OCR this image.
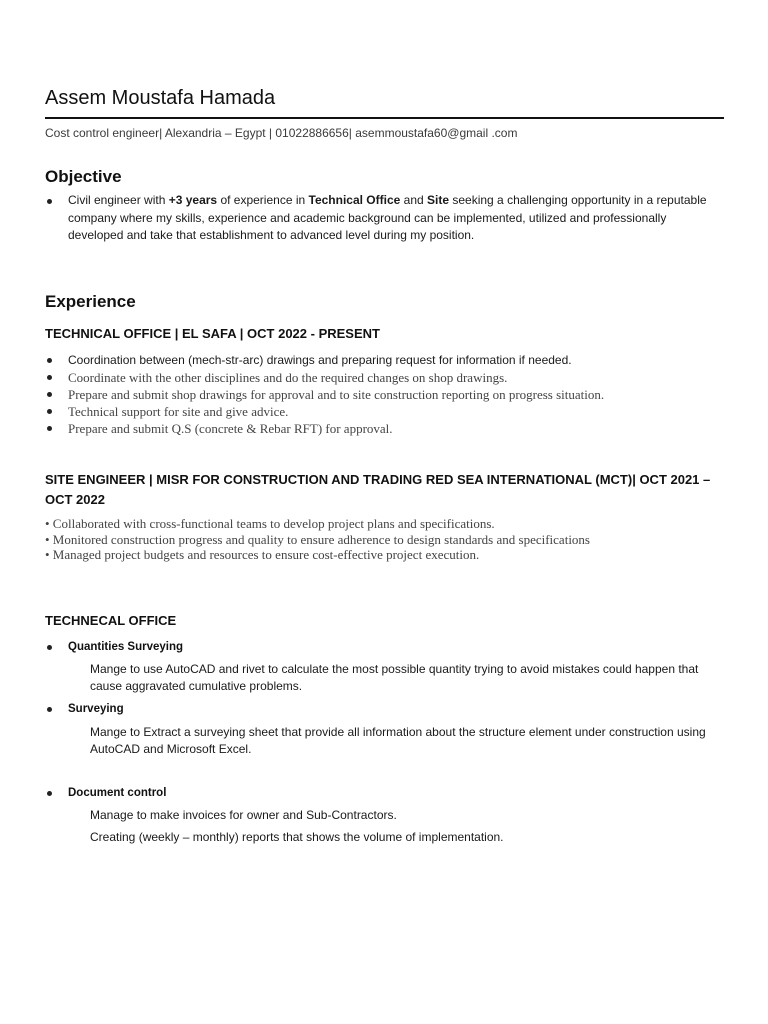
Assem Moustafa Hamada
Cost control engineer| Alexandria – Egypt | 01022886656| asemmoustafa60@gmail .com
Objective

Civil engineer with +3 years of experience in Technical Office and Site seeking a challenging opportunity in a reputable company where my skills, experience and academic background can be implemented, utilized and professionally developed and take that establishment to advanced level during my position.

Experience
TECHNICAL OFFICE | EL SAFA | OCT 2022 - PRESENT
Coordination between (mech-str-arc) drawings and preparing request for information if needed.
Coordinate with the other disciplines and do the required changes on shop drawings.
Prepare and submit shop drawings for approval and to site construction reporting on progress situation.
Technical support for site and give advice.
Prepare and submit Q.S (concrete & Rebar RFT) for approval.
SITE ENGINEER | MISR FOR CONSTRUCTION AND TRADING RED SEA INTERNATIONAL (MCT)| OCT 2021 – OCT 2022
• Collaborated with cross-functional teams to develop project plans and specifications.
• Monitored construction progress and quality to ensure adherence to design standards and specifications
• Managed project budgets and resources to ensure cost-effective project execution.
TECHNECAL OFFICE
Quantities Surveying

Mange to use AutoCAD and rivet to calculate the most possible quantity trying to avoid mistakes could happen that cause aggravated cumulative problems.

Surveying

Mange to Extract a surveying sheet that provide all information about the structure element under construction using AutoCAD and Microsoft Excel.

Document control

Manage to make invoices for owner and Sub-Contractors.

Creating (weekly – monthly) reports that shows the volume of implementation.
